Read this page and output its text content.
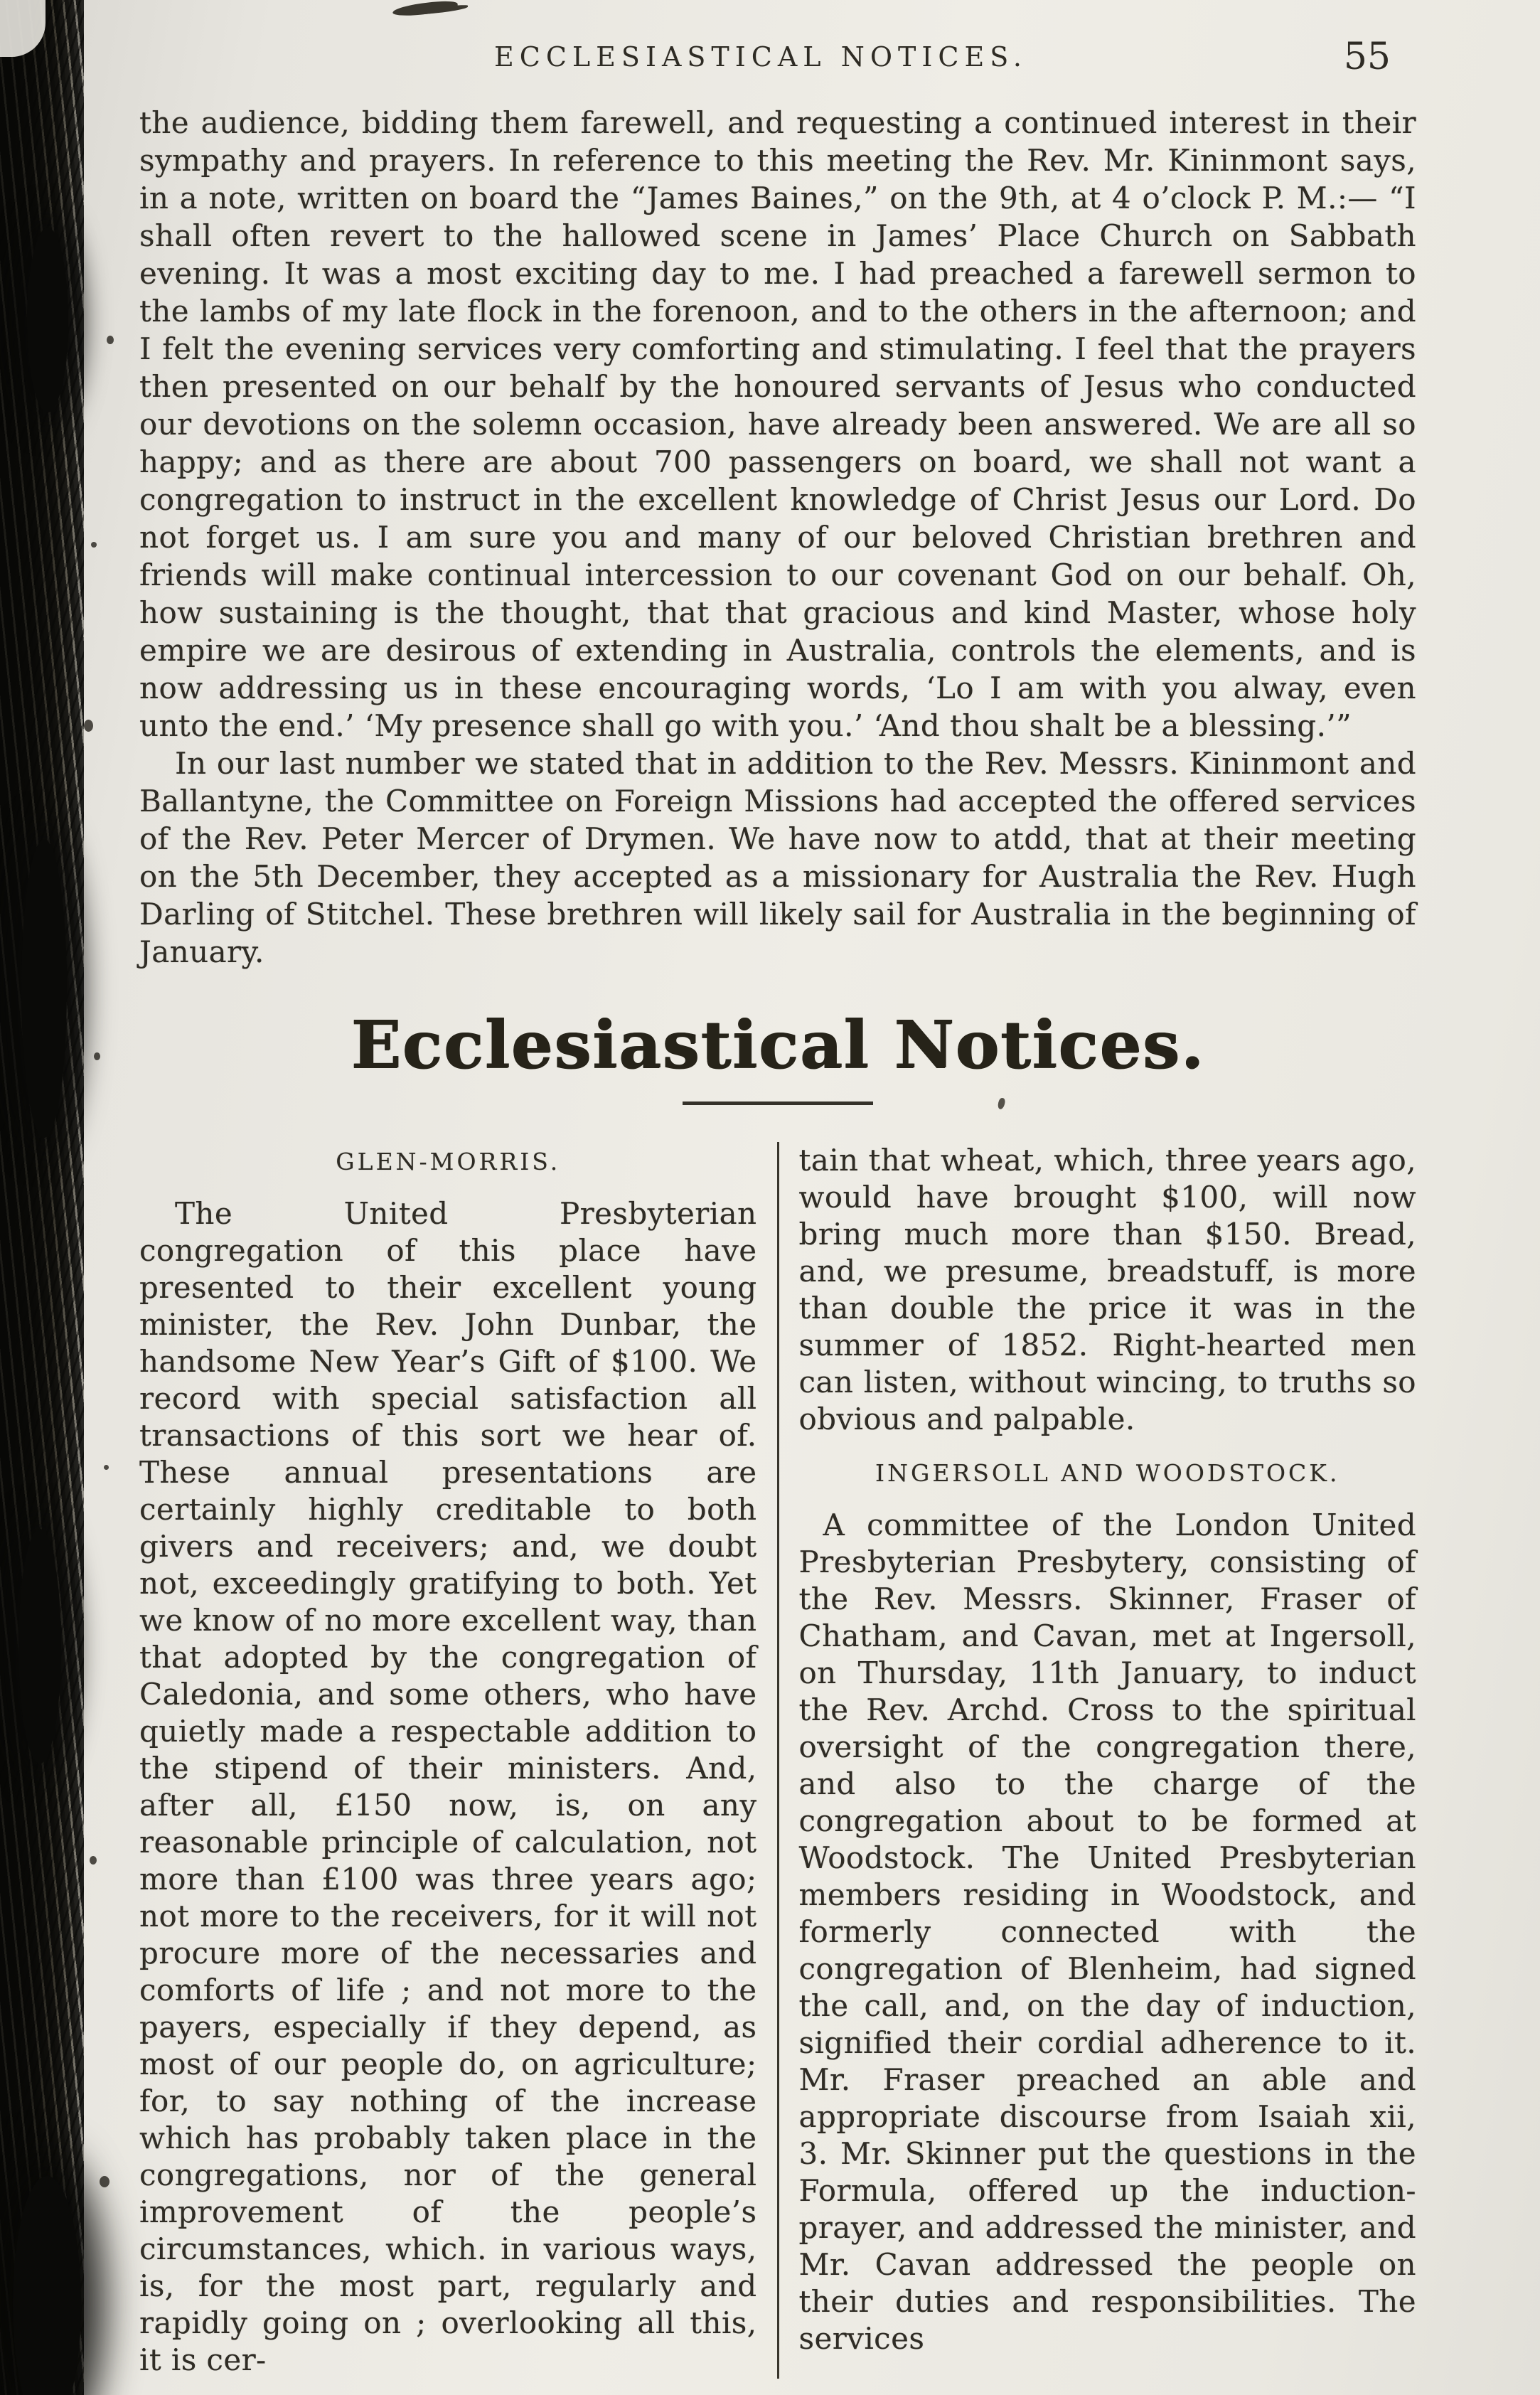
ECCLESIASTICAL NOTICES.	55

the audience, bidding them farewell, and requesting a continued interest in their sympathy and prayers. In reference to this meeting the Rev. Mr. Kininmont says, in a note, written on board the “James Baines,” on the 9th, at 4 o’clock P. M.:— “I shall often revert to the hallowed scene in James’ Place Church on Sabbath evening. It was a most exciting day to me. I had preached a farewell sermon to the lambs of my late flock in the forenoon, and to the others in the afternoon; and I felt the evening services very comforting and stimulating. I feel that the prayers then presented on our behalf by the honoured servants of Jesus who conducted our devotions on the solemn occasion, have already been answered. We are all so happy; and as there are about 700 passengers on board, we shall not want a congregation to instruct in the excellent knowledge of Christ Jesus our Lord. Do not forget us. I am sure you and many of our beloved Christian brethren and friends will make continual intercession to our covenant God on our behalf. Oh, how sustaining is the thought, that that gracious and kind Master, whose holy empire we are desirous of extending in Australia, controls the elements, and is now addressing us in these encouraging words, ‘Lo I am with you alway, even unto the end.’ ‘My presence shall go with you.’ ‘And thou shalt be a blessing.’”

In our last number we stated that in addition to the Rev. Messrs. Kininmont and Ballantyne, the Committee on Foreign Missions had accepted the offered services of the Rev. Peter Mercer of Drymen. We have now to atdd, that at their meeting on the 5th December, they accepted as a missionary for Australia the Rev. Hugh Darling of Stitchel. These brethren will likely sail for Australia in the beginning of January.

Ecclesiastical Notices.
GLEN-MORRIS.

The United Presbyterian congregation of this place have presented to their excellent young minister, the Rev. John Dunbar, the handsome New Year’s Gift of $100. We record with special satisfaction all transactions of this sort we hear of. These annual presentations are certainly highly creditable to both givers and receivers; and, we doubt not, exceedingly gratifying to both. Yet we know of no more excellent way, than that adopted by the congregation of Caledonia, and some others, who have quietly made a respectable addition to the stipend of their ministers. And, after all, £150 now, is, on any reasonable principle of calculation, not more than £100 was three years ago; not more to the receivers, for it will not procure more of the necessaries and comforts of life ; and not more to the payers, especially if they depend, as most of our people do, on agriculture; for, to say nothing of the increase which has probably taken place in the congregations, nor of the general improvement of the people’s circumstances, which. in various ways, is, for the most part, regularly and rapidly going on ; overlooking all this, it is cer-

tain that wheat, which, three years ago, would have brought $100, will now bring much more than $150. Bread, and, we presume, breadstuff, is more than double the price it was in the summer of 1852. Right-hearted men can listen, without wincing, to truths so obvious and palpable.

INGERSOLL AND WOODSTOCK.

A committee of the London United Presbyterian Presbytery, consisting of the Rev. Messrs. Skinner, Fraser of Chatham, and Cavan, met at Ingersoll, on Thursday, 11th January, to induct the Rev. Archd. Cross to the spiritual oversight of the congregation there, and also to the charge of the congregation about to be formed at Woodstock. The United Presbyterian members residing in Woodstock, and formerly connected with the congregation of Blenheim, had signed the call, and, on the day of induction, signified their cordial adherence to it. Mr. Fraser preached an able and appropriate discourse from Isaiah xii, 3. Mr. Skinner put the questions in the Formula, offered up the induction-prayer, and addressed the minister, and Mr. Cavan addressed the people on their duties and responsibilities. The services
